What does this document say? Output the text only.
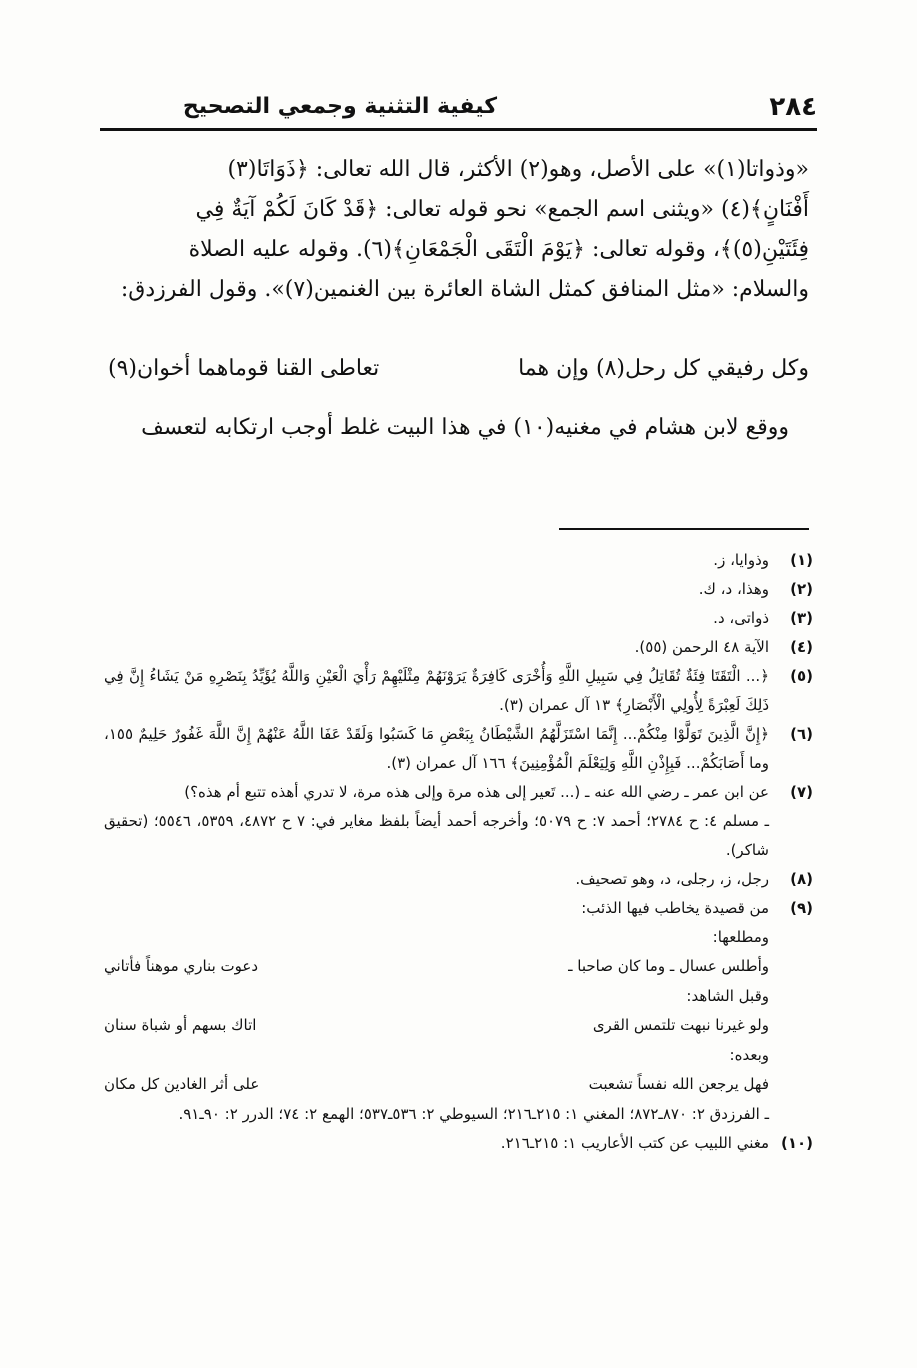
٢٨٤
كيفية التثنية وجمعي التصحيح

«وذواتا(١)» على الأصل، وهو(٢) الأكثر، قال الله تعالى: ﴿ذَوَاتَا(٣)

أَفْنَانٍ﴾(٤) «ويثنى اسم الجمع» نحو قوله تعالى: ﴿قَدْ كَانَ لَكُمْ آيَةٌ فِي

فِئَتَيْنِ(٥)﴾، وقوله تعالى: ﴿يَوْمَ الْتَقَى الْجَمْعَانِ﴾(٦). وقوله عليه الصلاة

والسلام: «مثل المنافق كمثل الشاة العائرة بين الغنمين(٧)». وقول الفرزدق:

وكل رفيقي كل رحل(٨) وإن هما
تعاطى القنا قوماهما أخوان(٩)
ووقع لابن هشام في مغنيه(١٠) في هذا البيت غلط أوجب ارتكابه لتعسف
(١)
وذوايا، ز.
(٢)
وهذا، د، ك.
(٣)
ذواتى، د.
(٤)
الآية ٤٨ الرحمن (٥٥).
(٥)
﴿... الْتَقَتَا فِئَةٌ تُقَاتِلُ فِي سَبِيلِ اللَّهِ وَأُخْرَى كَافِرَةٌ يَرَوْنَهُمْ مِثْلَيْهِمْ رَأْيَ الْعَيْنِ وَاللَّهُ يُؤَيِّدُ بِنَصْرِهِ مَنْ يَشَاءُ إِنَّ فِي ذَلِكَ لَعِبْرَةً لِأُولِي الْأَبْصَارِ﴾ ١٣ آل عمران (٣).
(٦)
﴿إِنَّ الَّذِينَ تَوَلَّوْا مِنْكُمْ... إِنَّمَا اسْتَزَلَّهُمُ الشَّيْطَانُ بِبَعْضِ مَا كَسَبُوا وَلَقَدْ عَفَا اللَّهُ عَنْهُمْ إِنَّ اللَّهَ غَفُورٌ حَلِيمٌ ١٥٥، وما أَصَابَكُمْ... فَبِإِذْنِ اللَّهِ وَلِيَعْلَمَ الْمُؤْمِنِينَ﴾ ١٦٦ آل عمران (٣).
(٧)
عن ابن عمر ـ رضي الله عنه ـ (... تَعير إلى هذه مرة وإلى هذه مرة، لا تدري أهذه تتبع أم هذه؟)
ـ مسلم ٤: ح ٢٧٨٤؛ أحمد ٧: ح ٥٠٧٩؛ وأخرجه أحمد أيضاً بلفظ مغاير في: ٧ ح ٤٨٧٢، ٥٣٥٩، ٥٥٤٦؛ (تحقيق شاكر).
(٨)
رجل، ز، رجلى، د، وهو تصحيف.
(٩)
من قصيدة يخاطب فيها الذئب:
ومطلعها:
وأطلس عسال ـ وما كان صاحبا ـ
دعوت بناري موهناً فأتاني
وقبل الشاهد:
ولو غيرنا نبهت تلتمس القرى
اتاك بسهم أو شباة سنان
وبعده:
فهل يرجعن الله نفساً تشعبت
على أثر الغادين كل مكان
ـ الفرزدق ٢: ٨٧٠ـ٨٧٢؛ المغني ١: ٢١٥ـ٢١٦؛ السيوطي ٢: ٥٣٦ـ٥٣٧؛ الهمع ٢: ٧٤؛ الدرر ٢: ٩٠ـ٩١.
(١٠)
مغني اللبيب عن كتب الأعاريب ١: ٢١٥ـ٢١٦.
